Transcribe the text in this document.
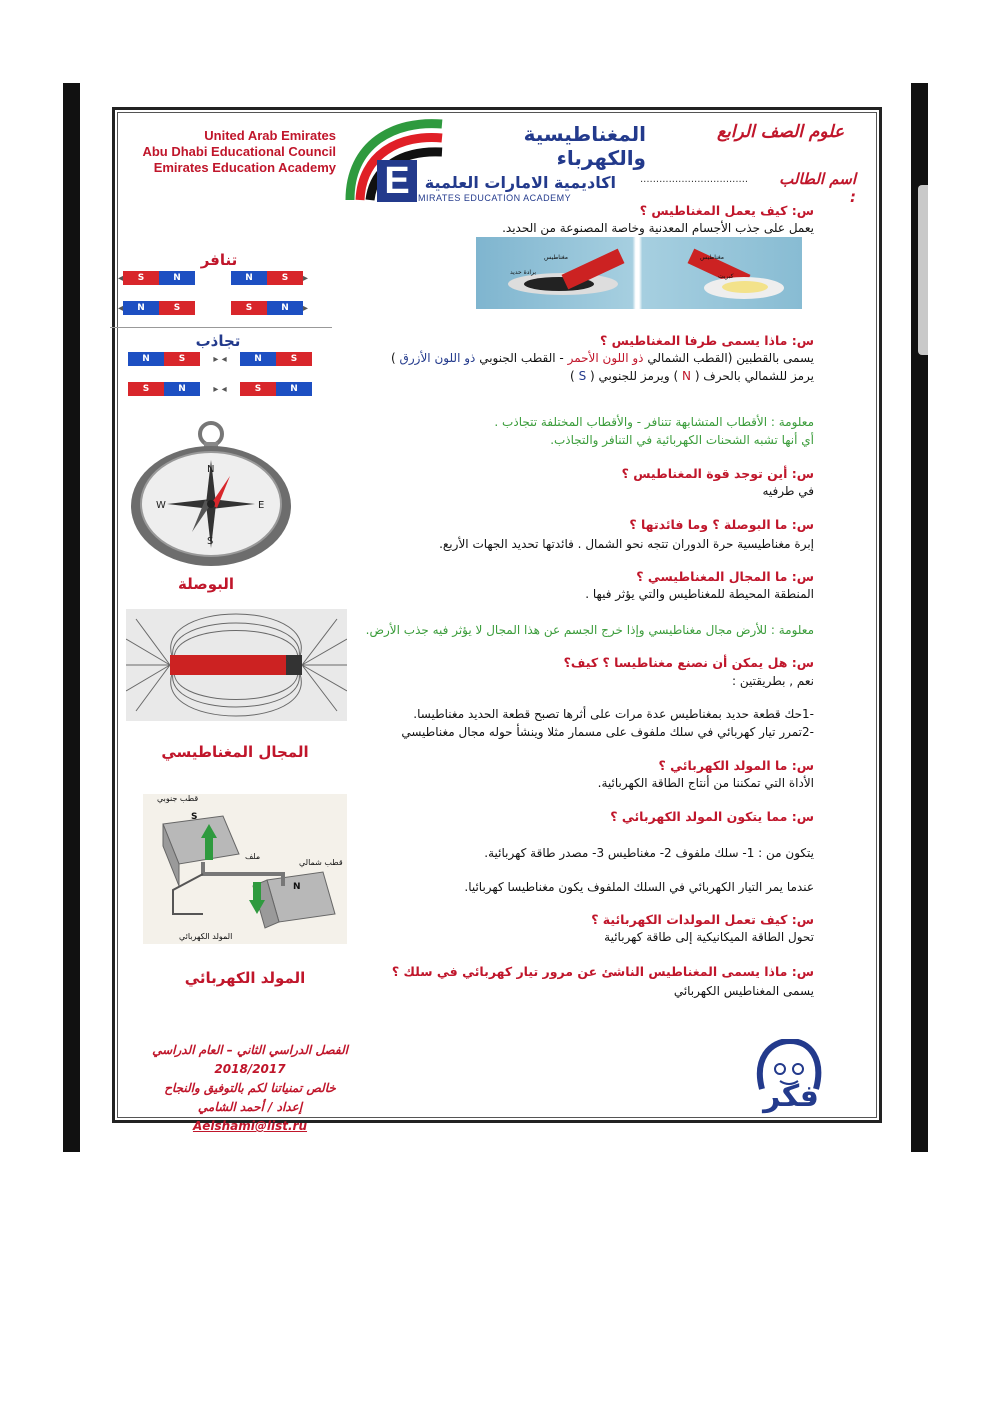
United Arab Emirates
Abu Dhabi Educational Council
Emirates Education Academy E اكاديمية الامارات العلمية
MIRATES EDUCATION ACADEMY
المغناطيسية والكهرباء
علوم الصف الرابع
اسم الطالب :
..................................
س: كيف يعمل المغناطيس ؟
يعمل على جذب الأجسام المعدنية وخاصة المصنوعة من الحديد.
مغناطيس
برادة حديد
مغناطيس
كبريت
س: ماذا يسمى طرفا المغناطيس ؟
يسمى بالقطبين (القطب الشمالي ذو اللون الأحمر - القطب الجنوبي ذو اللون الأزرق )
يرمز للشمالي بالحرف ( N ) ويرمز للجنوبي ( S )
معلومة : الأقطاب المتشابهة تتنافر - والأقطاب المختلفة تتجاذب .
أي أنها تشبه الشحنات الكهربائية في التنافر والتجاذب.
س: أين توجد قوة المغناطيس ؟
في طرفيه
س: ما البوصلة ؟ وما فائدتها ؟
إبرة مغناطيسية حرة الدوران تتجه نحو الشمال . فائدتها تحديد الجهات الأربع.
س: ما المجال المغناطيسي ؟
المنطقة المحيطة للمغناطيس والتي يؤثر فيها .
معلومة : للأرض مجال مغناطيسي وإذا خرج الجسم عن هذا المجال لا يؤثر فيه جذب الأرض.
س: هل يمكن أن نصنع مغناطيسا ؟ كيف؟
نعم , بطريقتين :
-1حك قطعة حديد بمغناطيس عدة مرات على أثرها تصبح قطعة الحديد مغناطيسا.
-2تمرر تيار كهربائي في سلك ملفوف على مسمار مثلا وينشأ حوله مجال مغناطيسي
س: ما المولد الكهربائي ؟
الأداة التي تمكننا من أنتاج الطاقة الكهربائية.
س: مما يتكون المولد الكهربائي ؟
يتكون من : 1- سلك ملفوف 2- مغناطيس 3- مصدر طاقة كهربائية.
عندما يمر التيار الكهربائي في السلك الملفوف يكون مغناطيسا كهربائيا.
س: كيف تعمل المولدات الكهربائية ؟
تحول الطاقة الميكانيكية إلى طاقة كهربائية
س: ماذا يسمى المغناطيس الناشئ عن مرور تيار كهربائي في سلك ؟
يسمى المغناطيس الكهربائي
تنافر
◂	S	N	N	S	▸
◂	N	S	S	N	▸
تجاذب
N	S	▸ ◂	N	S
S	N	▸ ◂	S	N
N
S
E
W
البوصلة
المجال المغناطيسي
قطب جنوبي
S
قطب شمالي
N
ملف
المولد الكهربائي
المولد الكهربائي
الفصل الدراسي الثاني – العام الدراسي 2018/2017
خالص تمنياتنا لكم بالتوفيق والنجاح
إعداد / أحمد الشامي
Aelshami@list.ru
فكر
